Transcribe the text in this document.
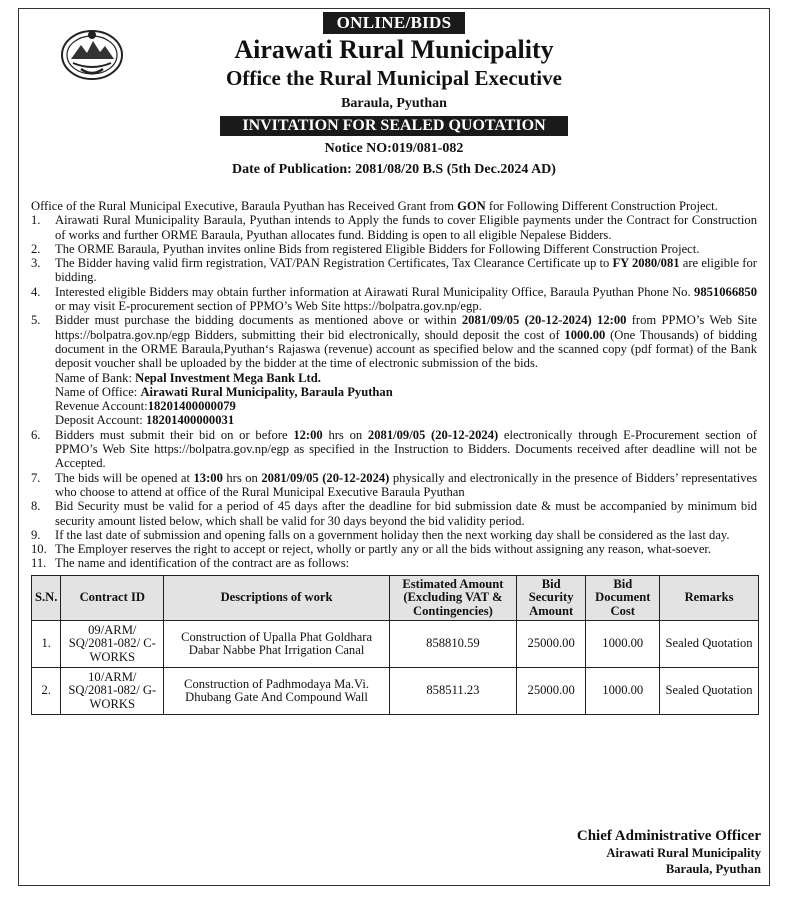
ONLINE/BIDS
Airawati Rural Municipality
Office the Rural Municipal Executive
Baraula, Pyuthan
INVITATION FOR SEALED QUOTATION
Notice NO:019/081-082
Date of Publication: 2081/08/20 B.S (5th Dec.2024 AD)

Office of the Rural Municipal Executive, Baraula Pyuthan has Received Grant from GON for Following Different Construction Project.

1. Airawati Rural Municipality Baraula, Pyuthan intends to Apply the funds to cover Eligible payments under the Contract for Construction of works and further ORME Baraula, Pyuthan allocates fund. Bidding is open to all eligible Nepalese Bidders.
2. The ORME Baraula, Pyuthan invites online Bids from registered Eligible Bidders for Following Different Construction Project.
3. The Bidder having valid firm registration, VAT/PAN Registration Certificates, Tax Clearance Certificate up to FY 2080/081 are eligible for bidding.
4. Interested eligible Bidders may obtain further information at Airawati Rural Municipality Office, Baraula Pyuthan Phone No. 9851066850 or may visit E-procurement section of PPMO’s Web Site https://bolpatra.gov.np/egp.
5. Bidder must purchase the bidding documents as mentioned above or within 2081/09/05 (20-12-2024) 12:00 from PPMO’s Web Site https://bolpatra.gov.np/egp Bidders, submitting their bid electronically, should deposit the cost of 1000.00 (One Thousands) of bidding document in the ORME Baraula,Pyuthan‘s Rajaswa (revenue) account as specified below and the scanned copy (pdf format) of the Bank deposit voucher shall be uploaded by the bidder at the time of electronic submission of the bids.
Name of Bank: Nepal Investment Mega Bank Ltd.
Name of Office: Airawati Rural Municipality, Baraula Pyuthan
Revenue Account:18201400000079
Deposit Account: 18201400000031
6. Bidders must submit their bid on or before 12:00 hrs on 2081/09/05 (20-12-2024) electronically through E-Procurement section of PPMO’s Web Site https://bolpatra.gov.np/egp as specified in the Instruction to Bidders. Documents received after deadline will not be Accepted.
7. The bids will be opened at 13:00 hrs on 2081/09/05 (20-12-2024) physically and electronically in the presence of Bidders’ representatives who choose to attend at office of the Rural Municipal Executive Baraula Pyuthan
8. Bid Security must be valid for a period of 45 days after the deadline for bid submission date & must be accompanied by minimum bid security amount listed below, which shall be valid for 30 days beyond the bid validity period.
9. If the last date of submission and opening falls on a government holiday then the next working day shall be considered as the last day.
10. The Employer reserves the right to accept or reject, wholly or partly any or all the bids without assigning any reason, what-soever.
11. The name and identification of the contract are as follows:
S.N.	Contract ID	Descriptions of work	Estimated Amount (Excluding VAT & Contingencies)	Bid Security Amount	Bid Document Cost	Remarks
1.	09/ARM/ SQ/2081-082/ C-WORKS	Construction of Upalla Phat Goldhara Dabar Nabbe Phat Irrigation Canal	858810.59	25000.00	1000.00	Sealed Quotation
2.	10/ARM/ SQ/2081-082/ G-WORKS	Construction of Padhmodaya Ma.Vi. Dhubang Gate And Compound Wall	858511.23	25000.00	1000.00	Sealed Quotation
Chief Administrative Officer
Airawati Rural Municipality
Baraula, Pyuthan
